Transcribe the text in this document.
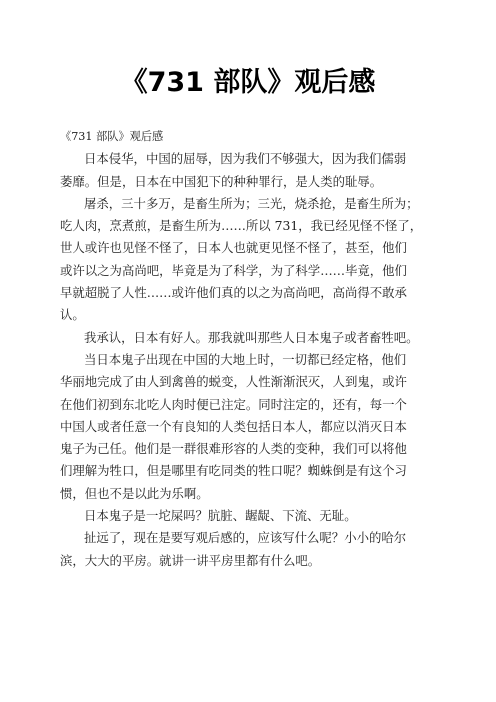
《731 部队》观后感

《731 部队》观后感

日本侵华，中国的屈辱，因为我们不够强大，因为我们儒弱

萎靡。但是，日本在中国犯下的种种罪行，是人类的耻辱。

屠杀，三十多万，是畜生所为；三光，烧杀抢，是畜生所为；

吃人肉，烹煮煎，是畜生所为……所以 731，我已经见怪不怪了，

世人或许也见怪不怪了，日本人也就更见怪不怪了，甚至，他们

或许以之为高尚吧，毕竟是为了科学，为了科学……毕竟，他们

早就超脱了人性……或许他们真的以之为高尚吧，高尚得不敢承

认。

我承认，日本有好人。那我就叫那些人日本鬼子或者畜牲吧。

当日本鬼子出现在中国的大地上时，一切都已经定格，他们

华丽地完成了由人到禽兽的蜕变，人性渐渐泯灭，人到鬼，或许

在他们初到东北吃人肉时便已注定。同时注定的，还有，每一个

中国人或者任意一个有良知的人类包括日本人，都应以消灭日本

鬼子为己任。他们是一群很难形容的人类的变种，我们可以将他

们理解为牲口，但是哪里有吃同类的牲口呢？蜘蛛倒是有这个习

惯，但也不是以此为乐啊。

日本鬼子是一坨屎吗？肮脏、龌龊、下流、无耻。

扯远了，现在是要写观后感的，应该写什么呢？小小的哈尔

滨，大大的平房。就讲一讲平房里都有什么吧。
